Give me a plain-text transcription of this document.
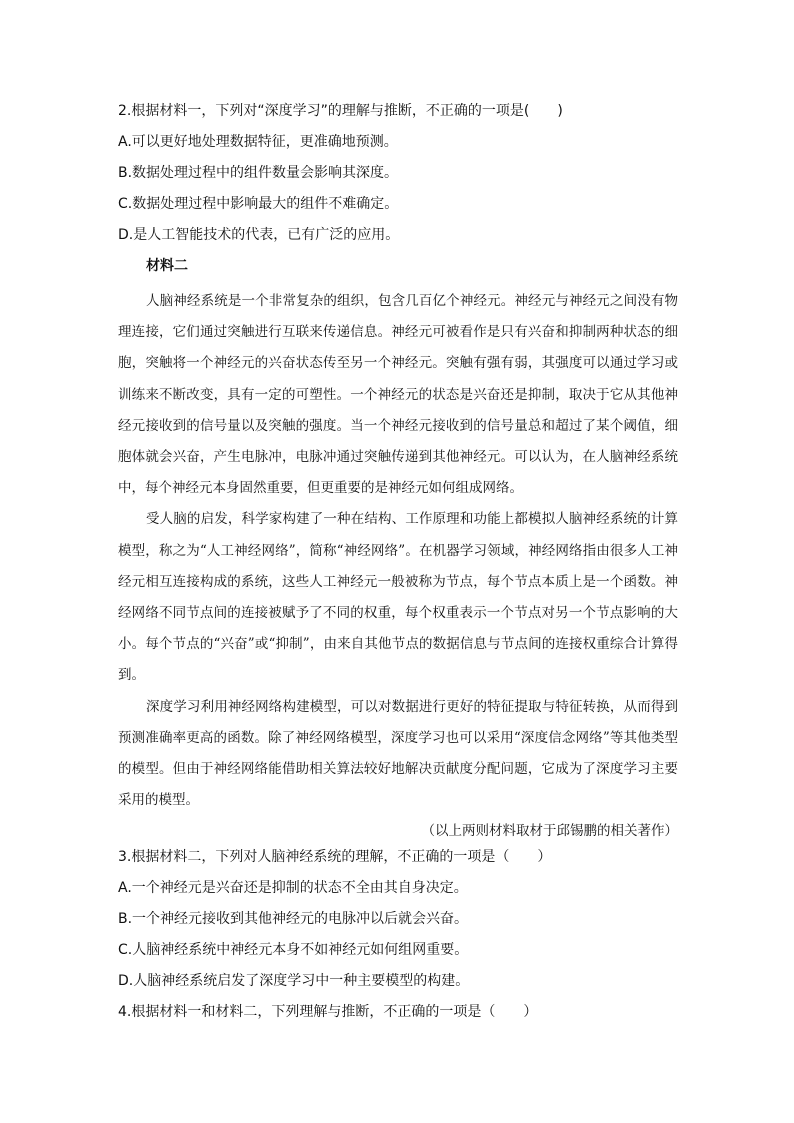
2.根据材料一，下列对“深度学习”的理解与推断，不正确的一项是(　　)
A.可以更好地处理数据特征，更准确地预测。
B.数据处理过程中的组件数量会影响其深度。
C.数据处理过程中影响最大的组件不难确定。
D.是人工智能技术的代表，已有广泛的应用。
材料二

人脑神经系统是一个非常复杂的组织，包含几百亿个神经元。神经元与神经元之间没有物理连接，它们通过突触进行互联来传递信息。神经元可被看作是只有兴奋和抑制两种状态的细胞，突触将一个神经元的兴奋状态传至另一个神经元。突触有强有弱，其强度可以通过学习或训练来不断改变，具有一定的可塑性。一个神经元的状态是兴奋还是抑制，取决于它从其他神经元接收到的信号量以及突触的强度。当一个神经元接收到的信号量总和超过了某个阈值，细胞体就会兴奋，产生电脉冲，电脉冲通过突触传递到其他神经元。可以认为，在人脑神经系统中，每个神经元本身固然重要，但更重要的是神经元如何组成网络。

受人脑的启发，科学家构建了一种在结构、工作原理和功能上都模拟人脑神经系统的计算模型，称之为“人工神经网络”，简称“神经网络”。在机器学习领域，神经网络指由很多人工神经元相互连接构成的系统，这些人工神经元一般被称为节点，每个节点本质上是一个函数。神经网络不同节点间的连接被赋予了不同的权重，每个权重表示一个节点对另一个节点影响的大小。每个节点的“兴奋”或“抑制”，由来自其他节点的数据信息与节点间的连接权重综合计算得到。

深度学习利用神经网络构建模型，可以对数据进行更好的特征提取与特征转换，从而得到预测准确率更高的函数。除了神经网络模型，深度学习也可以采用“深度信念网络”等其他类型的模型。但由于神经网络能借助相关算法较好地解决贡献度分配问题，它成为了深度学习主要采用的模型。

（以上两则材料取材于邱锡鹏的相关著作）
3.根据材料二，下列对人脑神经系统的理解，不正确的一项是（　　）
A.一个神经元是兴奋还是抑制的状态不全由其自身决定。
B.一个神经元接收到其他神经元的电脉冲以后就会兴奋。
C.人脑神经系统中神经元本身不如神经元如何组网重要。
D.人脑神经系统启发了深度学习中一种主要模型的构建。
4.根据材料一和材料二，下列理解与推断，不正确的一项是（　　）
